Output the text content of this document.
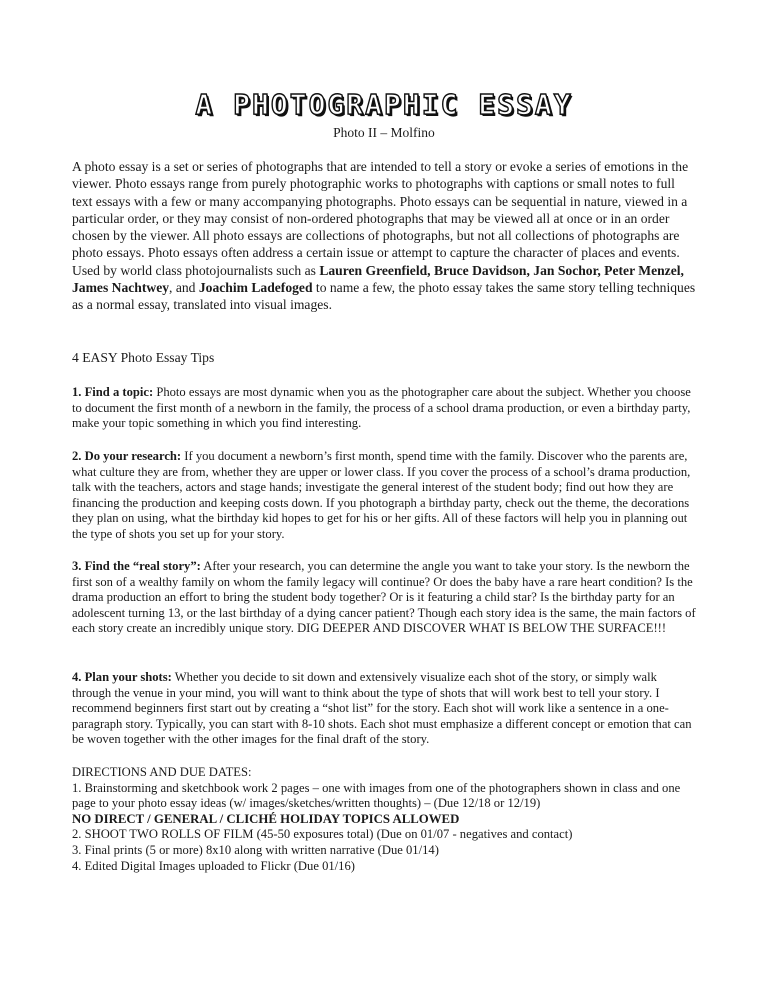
A PHOTOGRAPHIC ESSAY
Photo II – Molfino

A photo essay is a set or series of photographs that are intended to tell a story or evoke a series of emotions in the viewer. Photo essays range from purely photographic works to photographs with captions or small notes to full text essays with a few or many accompanying photographs. Photo essays can be sequential in nature, viewed in a particular order, or they may consist of non-ordered photographs that may be viewed all at once or in an order chosen by the viewer. All photo essays are collections of photographs, but not all collections of photographs are photo essays. Photo essays often address a certain issue or attempt to capture the character of places and events. Used by world class photojournalists such as Lauren Greenfield, Bruce Davidson, Jan Sochor, Peter Menzel, James Nachtwey, and Joachim Ladefoged to name a few, the photo essay takes the same story telling techniques as a normal essay, translated into visual images.

4 EASY Photo Essay Tips

1. Find a topic: Photo essays are most dynamic when you as the photographer care about the subject. Whether you choose to document the first month of a newborn in the family, the process of a school drama production, or even a birthday party, make your topic something in which you find interesting.

2. Do your research: If you document a newborn’s first month, spend time with the family. Discover who the parents are, what culture they are from, whether they are upper or lower class. If you cover the process of a school’s drama production, talk with the teachers, actors and stage hands; investigate the general interest of the student body; find out how they are financing the production and keeping costs down. If you photograph a birthday party, check out the theme, the decorations they plan on using, what the birthday kid hopes to get for his or her gifts. All of these factors will help you in planning out the type of shots you set up for your story.

3. Find the “real story”: After your research, you can determine the angle you want to take your story. Is the newborn the first son of a wealthy family on whom the family legacy will continue? Or does the baby have a rare heart condition? Is the drama production an effort to bring the student body together? Or is it featuring a child star? Is the birthday party for an adolescent turning 13, or the last birthday of a dying cancer patient? Though each story idea is the same, the main factors of each story create an incredibly unique story. DIG DEEPER AND DISCOVER WHAT IS BELOW THE SURFACE!!!

4. Plan your shots: Whether you decide to sit down and extensively visualize each shot of the story, or simply walk through the venue in your mind, you will want to think about the type of shots that will work best to tell your story. I recommend beginners first start out by creating a “shot list” for the story. Each shot will work like a sentence in a one-paragraph story. Typically, you can start with 8-10 shots. Each shot must emphasize a different concept or emotion that can be woven together with the other images for the final draft of the story.

DIRECTIONS AND DUE DATES:
1. Brainstorming and sketchbook work 2 pages – one with images from one of the photographers shown in class and one page to your photo essay ideas (w/ images/sketches/written thoughts) – (Due 12/18 or 12/19)
NO DIRECT / GENERAL / CLICHÉ HOLIDAY TOPICS ALLOWED
2. SHOOT TWO ROLLS OF FILM (45-50 exposures total) (Due on 01/07 - negatives and contact)
3. Final prints (5 or more) 8x10 along with written narrative (Due 01/14)
4. Edited Digital Images uploaded to Flickr (Due 01/16)
